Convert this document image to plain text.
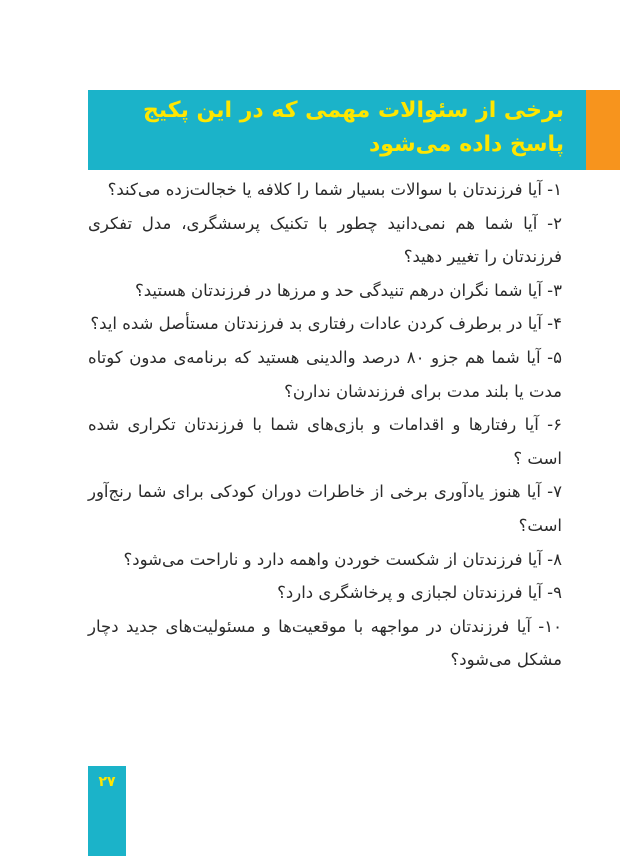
برخی از سئوالات مهمی که در این پکیج پاسخ داده می‌شود

۱- آیا فرزندتان با سوالات بسیار شما را کلافه یا خجالت‌زده می‌کند؟

۲- آیا شما هم نمی‌دانید چطور با تکنیک پرسشگری، مدل تفکری فرزندتان را تغییر دهید؟

۳- آیا شما نگران درهم تنیدگی حد و مرزها در فرزندتان هستید؟

۴- آیا در برطرف کردن عادات رفتاری بد فرزندتان مستأصل شده اید؟

۵- آیا شما هم جزو ۸۰ درصد والدینی هستید که برنامه‌ی مدون کوتاه مدت یا بلند مدت برای فرزندشان ندارن؟

۶- آیا رفتارها و اقدامات و بازی‌های شما با فرزندتان تکراری شده است ؟

۷- آیا هنوز یادآوری برخی از خاطرات دوران کودکی برای شما رنج‌آور است؟

۸- آیا فرزندتان از شکست خوردن واهمه دارد و ناراحت می‌شود؟

۹- آیا فرزندتان لجبازی و پرخاشگری دارد؟

۱۰- آیا فرزندتان در مواجهه با موقعیت‌ها و مسئولیت‌های جدید دچار مشکل می‌شود؟

۲۷
